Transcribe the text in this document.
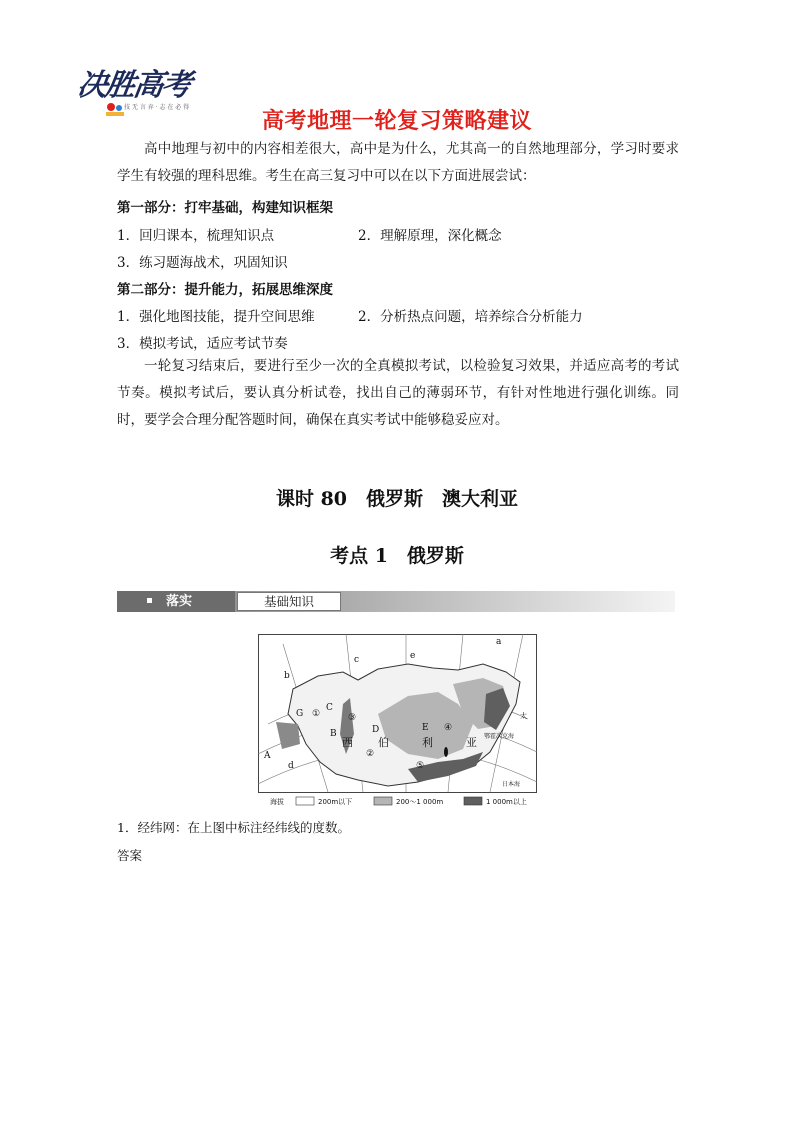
决胜高考
技 无 言 弃 · 志 在 必 得
高考地理一轮复习策略建议
高中地理与初中的内容相差很大，高中是为什么，尤其高一的自然地理部分，学习时要求学生有较强的理科思维。考生在高三复习中可以在以下方面进展尝试：
第一部分：打牢基础，构建知识框架
1．回归课本，梳理知识点	2．理解原理，深化概念
3．练习题海战术，巩固知识
第二部分：提升能力，拓展思维深度
1．强化地图技能，提升空间思维	2．分析热点问题，培养综合分析能力
3．模拟考试，适应考试节奏
一轮复习结束后，要进行至少一次的全真模拟考试，以检验复习效果，并适应高考的考试节奏。模拟考试后，要认真分析试卷，找出自己的薄弱环节，有针对性地进行强化训练。同时，要学会合理分配答题时间，确保在真实考试中能够稳妥应对。
课时 80　俄罗斯　澳大利亚
考点 1　俄罗斯
落实	基础知识
a
b
c
d
e
A
B
C
D	E
G ①
②
③
④
⑤
西 伯	利	亚 鄂霍次克海
日本海
太
海拔	200m以下	200～1 000m	1 000m以上
1．经纬网：在上图中标注经纬线的度数。
答案
